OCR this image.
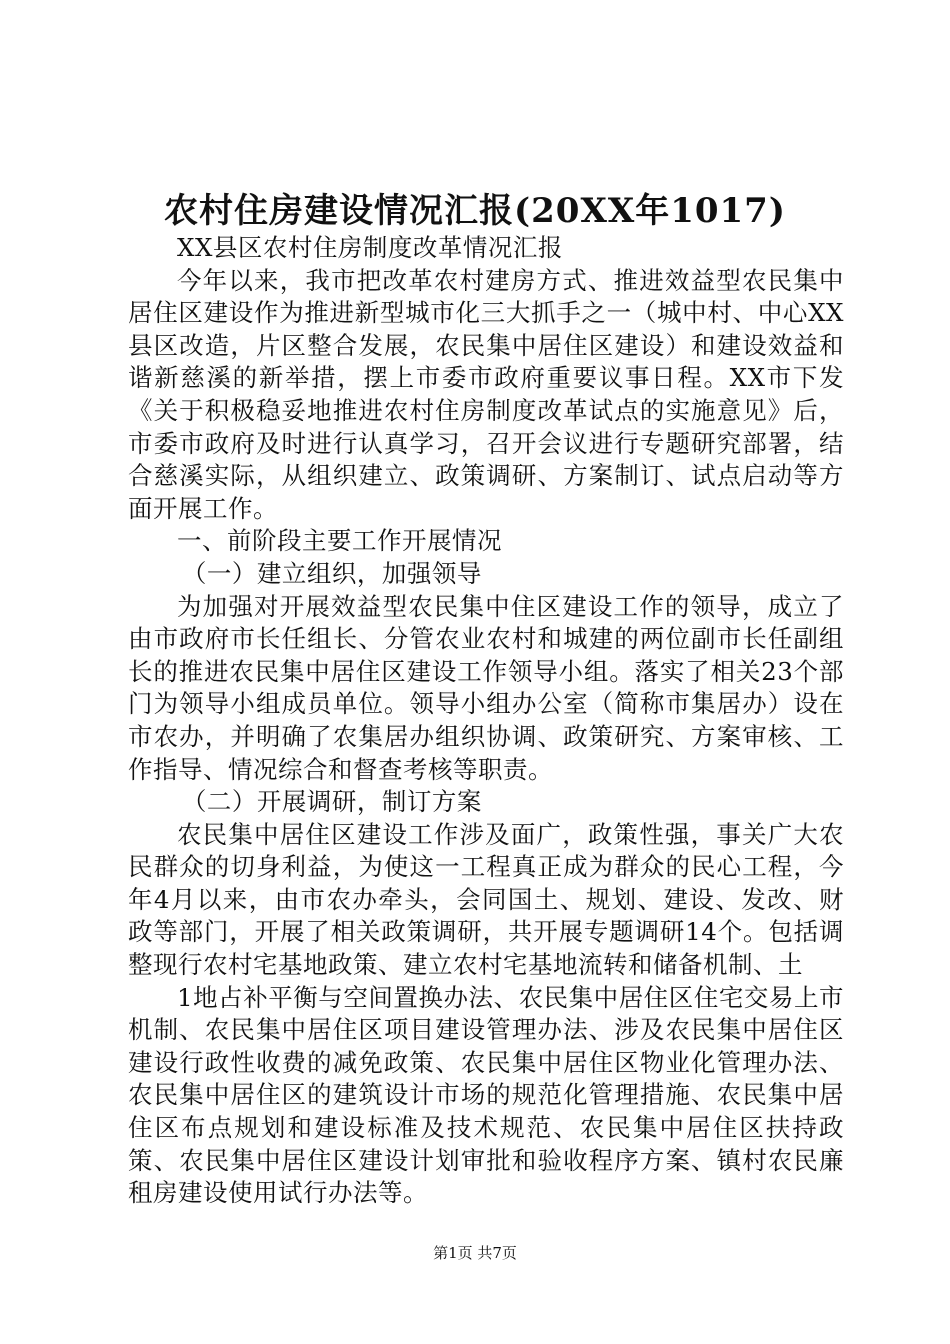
农村住房建设情况汇报(20XX年1017)

XX县区农村住房制度改革情况汇报

今年以来，我市把改革农村建房方式、推进效益型农民集中居住区建设作为推进新型城市化三大抓手之一（城中村、中心XX县区改造，片区整合发展，农民集中居住区建设）和建设效益和谐新慈溪的新举措，摆上市委市政府重要议事日程。XX市下发《关于积极稳妥地推进农村住房制度改革试点的实施意见》后，市委市政府及时进行认真学习，召开会议进行专题研究部署，结合慈溪实际，从组织建立、政策调研、方案制订、试点启动等方面开展工作。

一、前阶段主要工作开展情况

（一）建立组织，加强领导

为加强对开展效益型农民集中住区建设工作的领导，成立了由市政府市长任组长、分管农业农村和城建的两位副市长任副组长的推进农民集中居住区建设工作领导小组。落实了相关23个部门为领导小组成员单位。领导小组办公室（简称市集居办）设在市农办，并明确了农集居办组织协调、政策研究、方案审核、工作指导、情况综合和督查考核等职责。

（二）开展调研，制订方案

农民集中居住区建设工作涉及面广，政策性强，事关广大农民群众的切身利益，为使这一工程真正成为群众的民心工程，今年4月以来，由市农办牵头，会同国土、规划、建设、发改、财政等部门，开展了相关政策调研，共开展专题调研14个。包括调整现行农村宅基地政策、建立农村宅基地流转和储备机制、土

1地占补平衡与空间置换办法、农民集中居住区住宅交易上市机制、农民集中居住区项目建设管理办法、涉及农民集中居住区建设行政性收费的减免政策、农民集中居住区物业化管理办法、农民集中居住区的建筑设计市场的规范化管理措施、农民集中居住区布点规划和建设标准及技术规范、农民集中居住区扶持政策、农民集中居住区建设计划审批和验收程序方案、镇村农民廉租房建设使用试行办法等。

第1页 共7页
